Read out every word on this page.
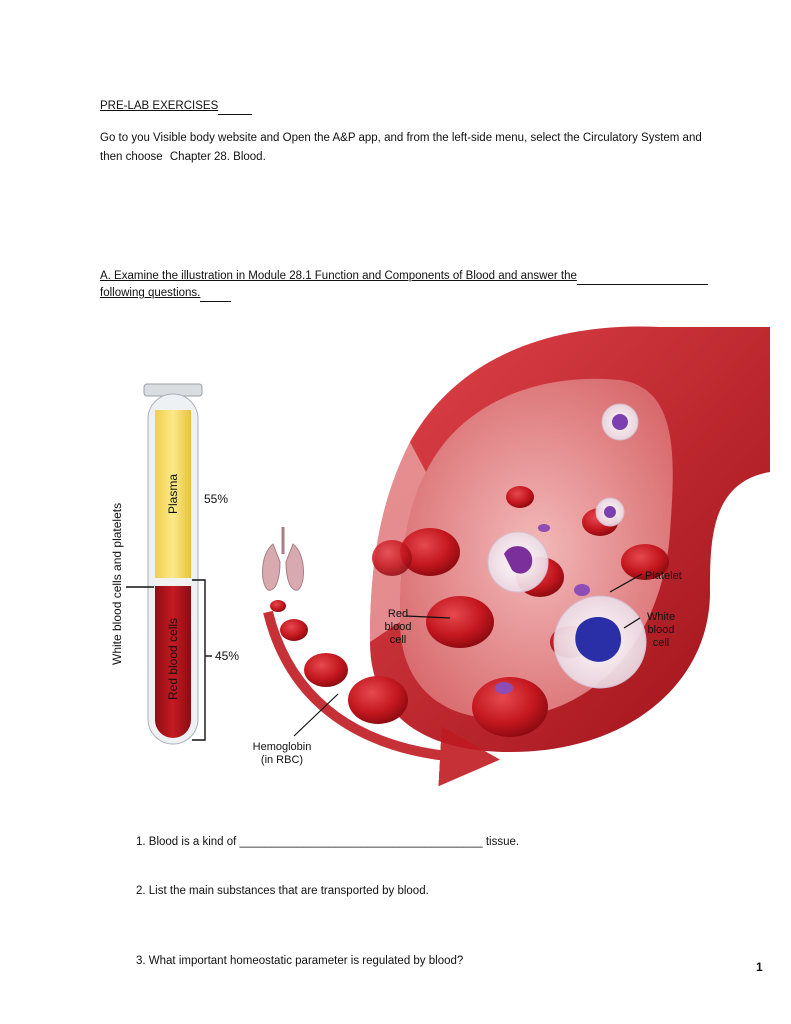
PRE-LAB EXERCISES
Go to you Visible body website and Open the A&P app, and from the left-side menu, select the Circulatory System and
then choose Chapter 28. Blood.
A. Examine the illustration in Module 28.1 Function and Components of Blood and answer the
following questions.
White blood cells and platelets
Plasma
Red blood cells
55%
45%
Platelet
Red
blood
cell
White
blood
cell
Hemoglobin
(in RBC)
1. Blood is a kind of ______________________________________ tissue.
2. List the main substances that are transported by blood.
3. What important homeostatic parameter is regulated by blood?	1
